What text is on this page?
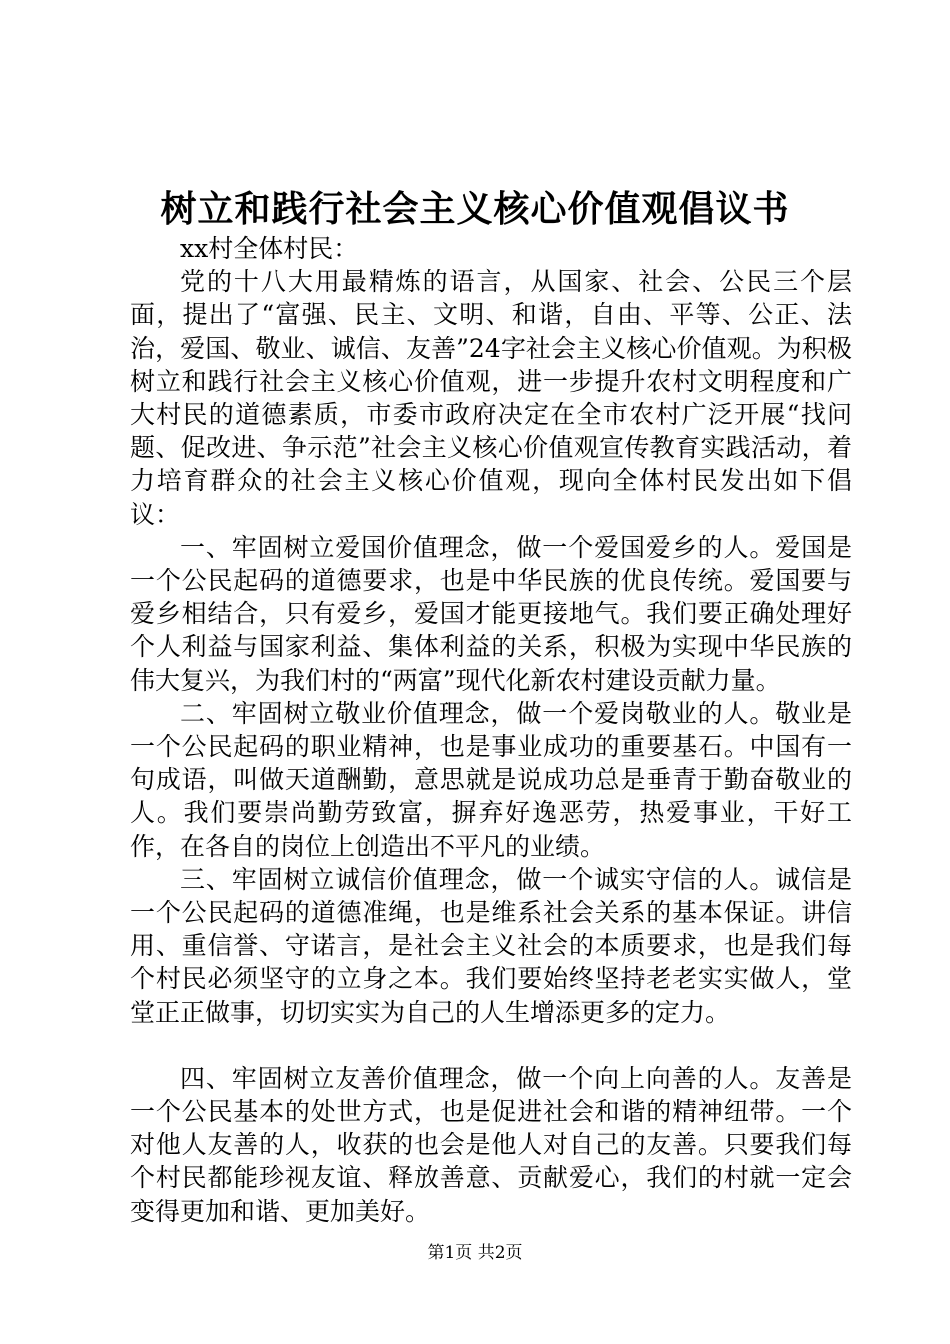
树立和践行社会主义核心价值观倡议书

xx村全体村民：

党的十八大用最精炼的语言，从国家、社会、公民三个层面，提出了“富强、民主、文明、和谐，自由、平等、公正、法治，爱国、敬业、诚信、友善”24字社会主义核心价值观。为积极树立和践行社会主义核心价值观，进一步提升农村文明程度和广大村民的道德素质，市委市政府决定在全市农村广泛开展“找问题、促改进、争示范”社会主义核心价值观宣传教育实践活动，着力培育群众的社会主义核心价值观，现向全体村民发出如下倡议：

一、牢固树立爱国价值理念，做一个爱国爱乡的人。爱国是一个公民起码的道德要求，也是中华民族的优良传统。爱国要与爱乡相结合，只有爱乡，爱国才能更接地气。我们要正确处理好个人利益与国家利益、集体利益的关系，积极为实现中华民族的伟大复兴，为我们村的“两富”现代化新农村建设贡献力量。

二、牢固树立敬业价值理念，做一个爱岗敬业的人。敬业是一个公民起码的职业精神，也是事业成功的重要基石。中国有一句成语，叫做天道酬勤，意思就是说成功总是垂青于勤奋敬业的人。我们要崇尚勤劳致富，摒弃好逸恶劳，热爱事业，干好工作，在各自的岗位上创造出不平凡的业绩。

三、牢固树立诚信价值理念，做一个诚实守信的人。诚信是一个公民起码的道德准绳，也是维系社会关系的基本保证。讲信用、重信誉、守诺言，是社会主义社会的本质要求，也是我们每个村民必须坚守的立身之本。我们要始终坚持老老实实做人，堂堂正正做事，切切实实为自己的人生增添更多的定力。

四、牢固树立友善价值理念，做一个向上向善的人。友善是一个公民基本的处世方式，也是促进社会和谐的精神纽带。一个对他人友善的人，收获的也会是他人对自己的友善。只要我们每个村民都能珍视友谊、释放善意、贡献爱心，我们的村就一定会变得更加和谐、更加美好。

第1页 共2页
